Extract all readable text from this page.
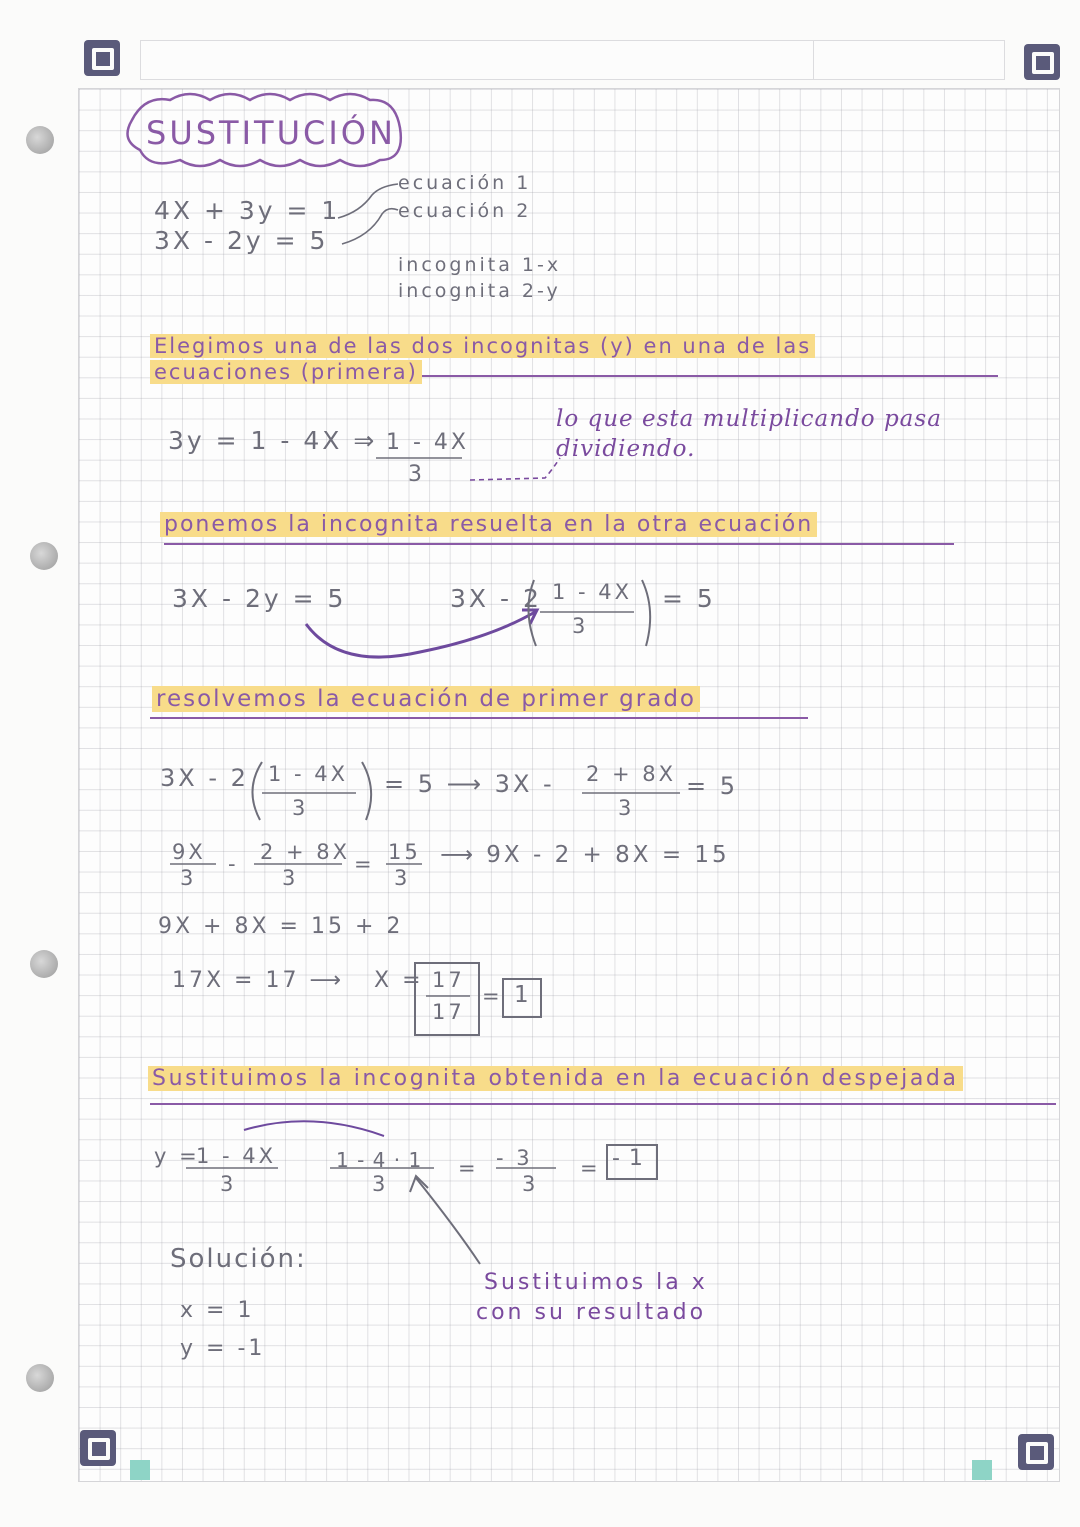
SUSTITUCIÓN
4X + 3y = 1
3X - 2y = 5
ecuación 1
ecuación 2
incognita 1-x
incognita 2-y
Elegimos una de las dos incognitas (y) en una de las
ecuaciones (primera)
3y = 1 - 4X ⇒ 1 - 4X
3
lo que esta multiplicando pasa
dividiendo.
ponemos la incognita resuelta en la otra ecuación
3X - 2y = 5	3X - 2 1 - 4X
3
= 5
resolvemos la ecuación de primer grado
3X - 2 1 - 4X
3
= 5 ⟶ 3X - 2 + 8X
3
= 5
9X
3
- 2 + 8X
3
= 15
3
⟶ 9X - 2 + 8X = 15
9X + 8X = 15 + 2
17X = 17 ⟶ X = 17
17
= 1
Sustituimos la incognita obtenida en la ecuación despejada
y =
1 - 4X
3
1 - 4 · 1
3
= - 3
3
= - 1
Sustituimos la x
con su resultado
Solución:
x = 1
y = -1
